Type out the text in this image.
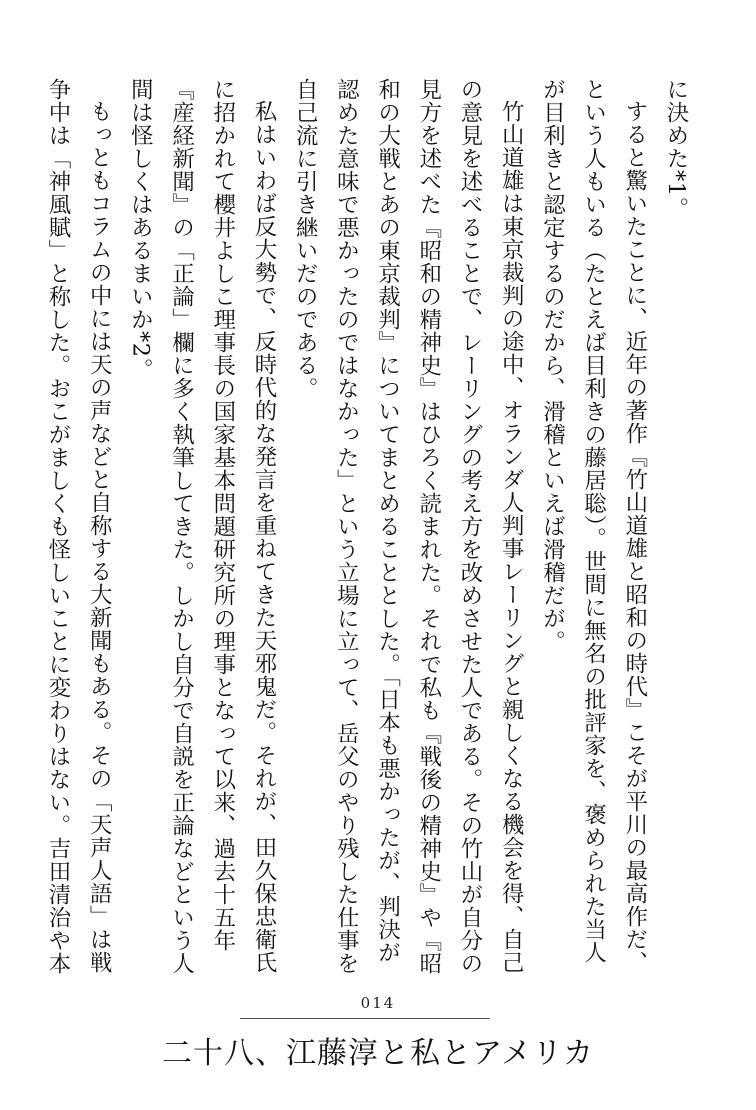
に決めた*1。

すると驚いたことに、近年の著作『竹山道雄と昭和の時代』こそが平川の最高作だ、という人もいる（たとえば目利きの藤居聡）。世間に無名の批評家を、褒められた当人が目利きと認定するのだから、滑稽といえば滑稽だが。

竹山道雄は東京裁判の途中、オランダ人判事レーリングと親しくなる機会を得、自己の意見を述べることで、レーリングの考え方を改めさせた人である。その竹山が自分の見方を述べた『昭和の精神史』はひろく読まれた。それで私も『戦後の精神史』や『昭和の大戦とあの東京裁判』についてまとめることとした。「日本も悪かったが、判決が認めた意味で悪かったのではなかった」という立場に立って、岳父のやり残した仕事を自己流に引き継いだのである。

私はいわば反大勢で、反時代的な発言を重ねてきた天邪鬼だ。それが、田久保忠衛氏に招かれて櫻井よしこ理事長の国家基本問題研究所の理事となって以来、過去十五年『産経新聞』の「正論」欄に多く執筆してきた。しかし自分で自説を正論などという人間は怪しくはあるまいか*2。

もっともコラムの中には天の声などと自称する大新聞もある。その「天声人語」は戦争中は「神風賦」と称した。おこがましくも怪しいことに変わりはない。吉田清治や本

014
二十八、江藤淳と私とアメリカ
